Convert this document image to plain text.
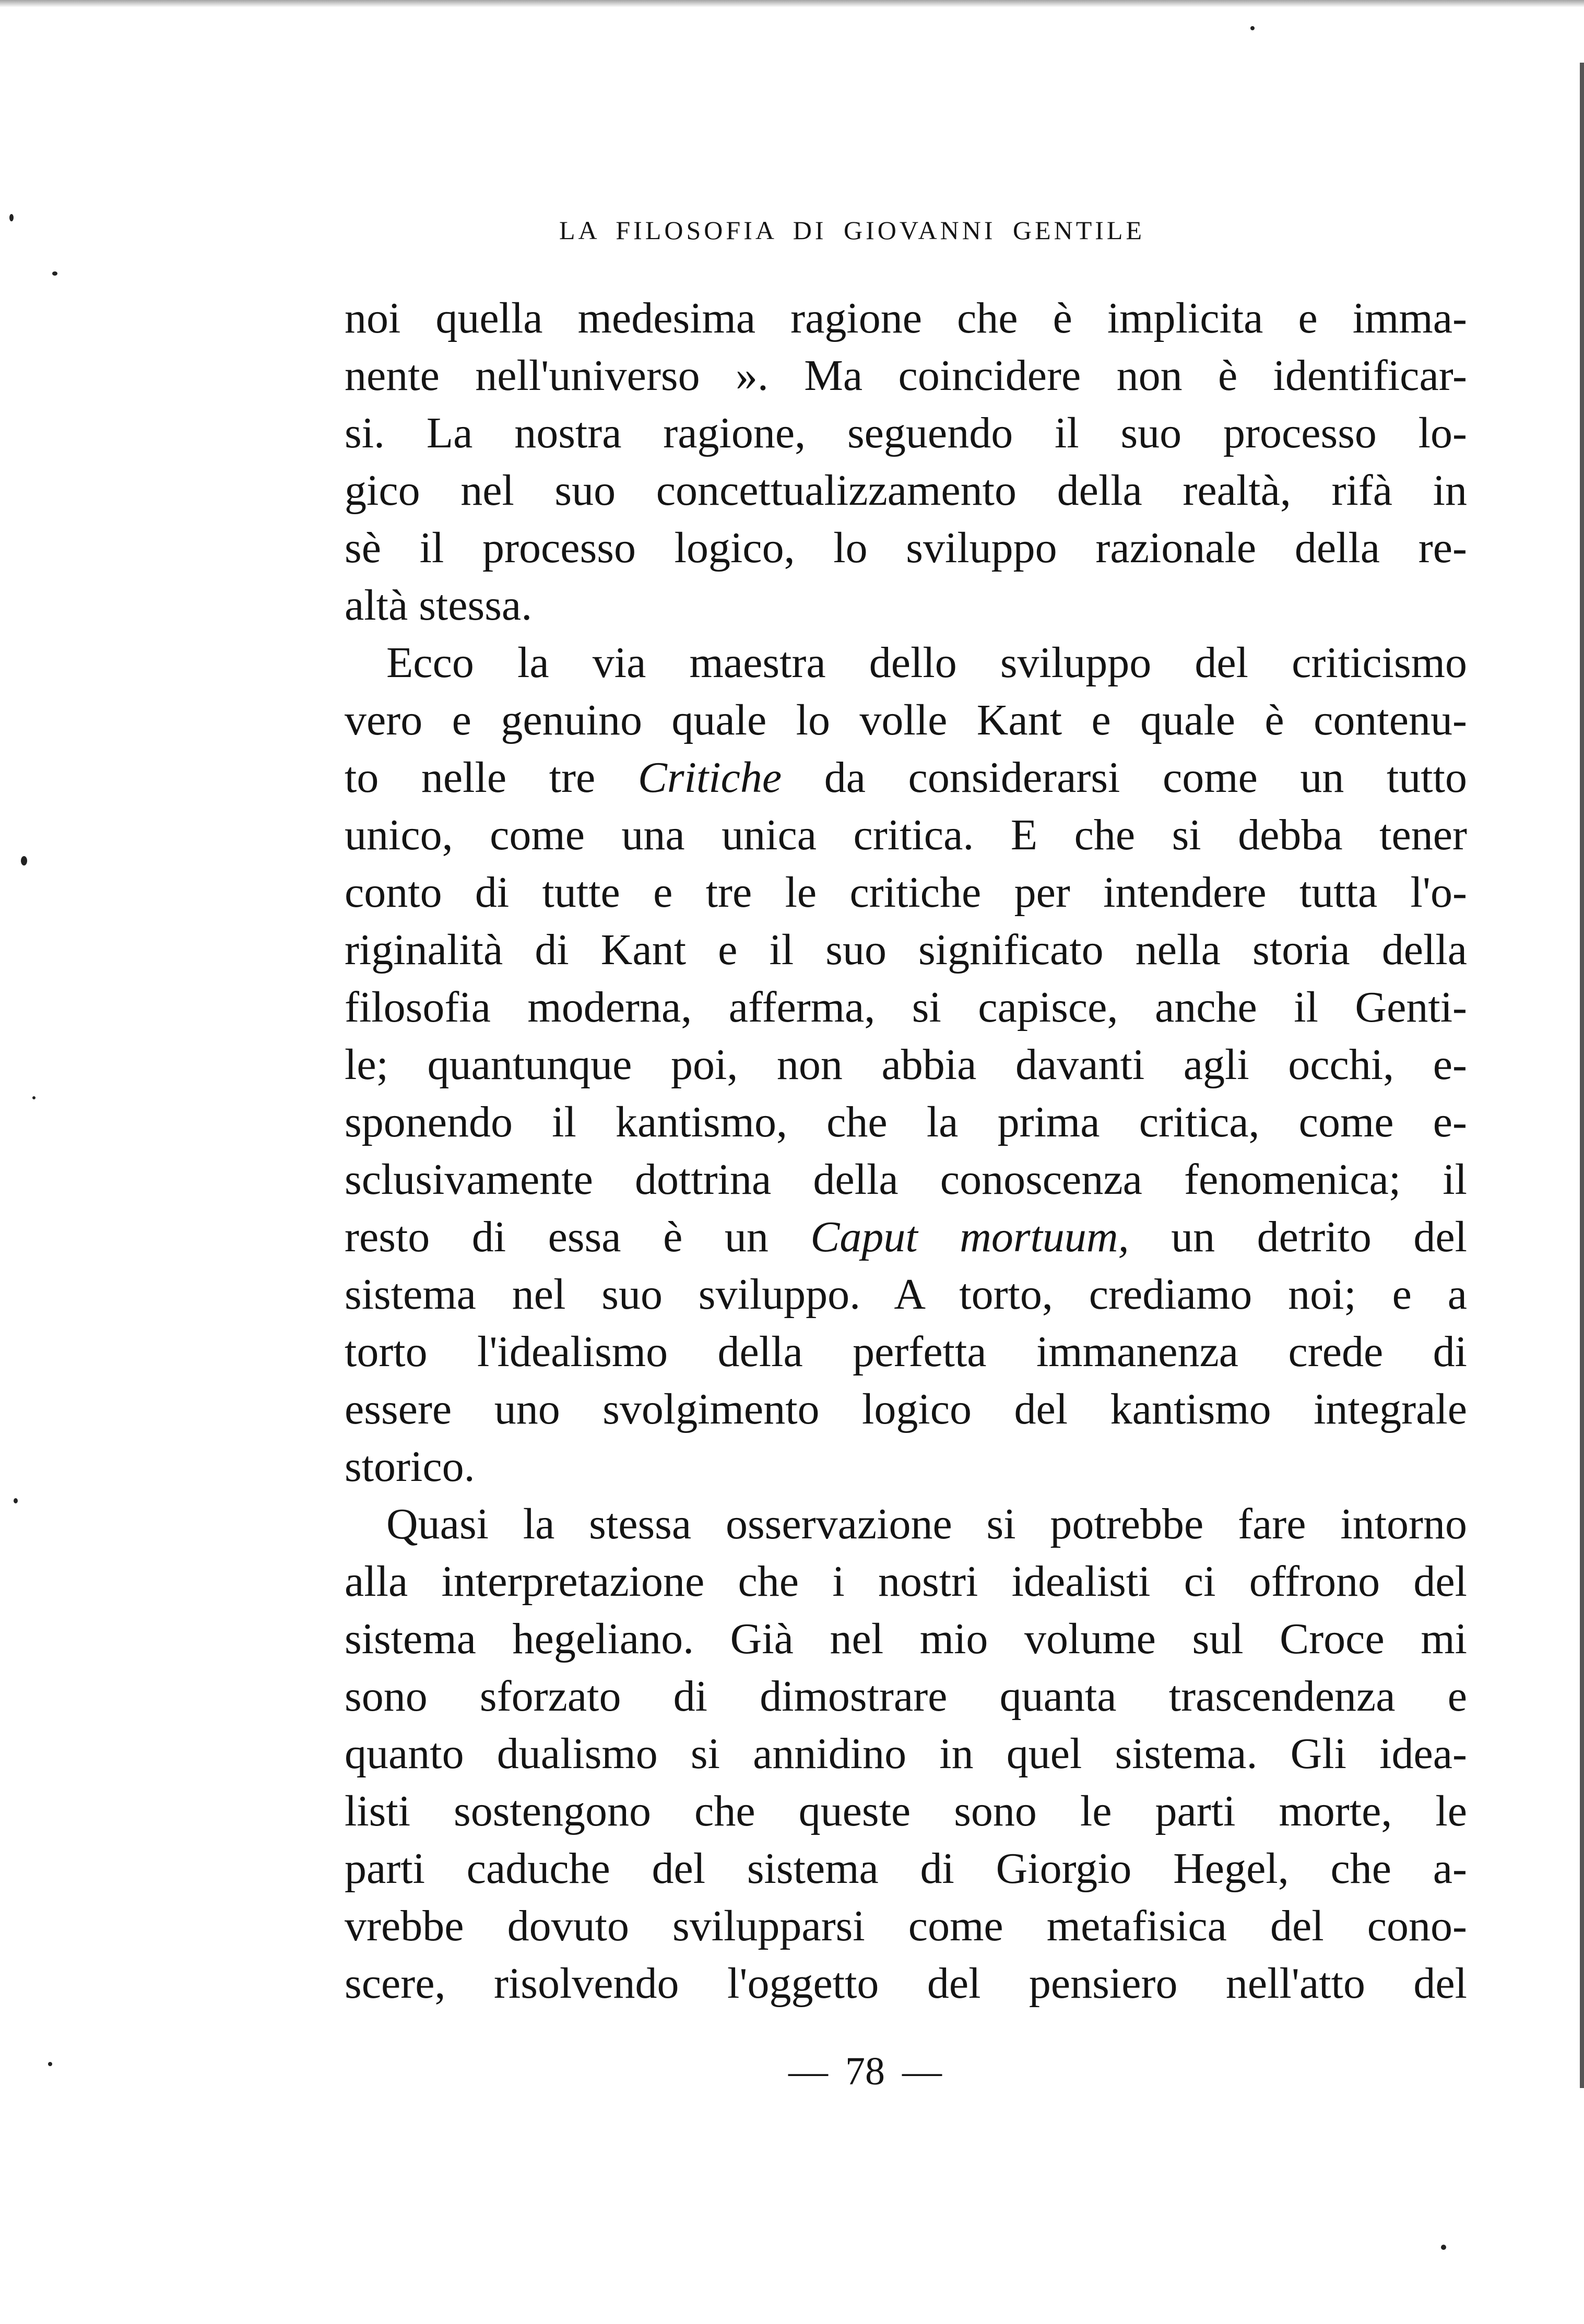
LA FILOSOFIA DI GIOVANNI GENTILE
noi quella medesima ragione che è implicita e imma-
nente nell'universo ». Ma coincidere non è identificar-
si. La nostra ragione, seguendo il suo processo lo-
gico nel suo concettualizzamento della realtà, rifà in
sè il processo logico, lo sviluppo razionale della re-
altà stessa.
Ecco la via maestra dello sviluppo del criticismo
vero e genuino quale lo volle Kant e quale è contenu-
to nelle tre Critiche da considerarsi come un tutto
unico, come una unica critica. E che si debba tener
conto di tutte e tre le critiche per intendere tutta l'o-
riginalità di Kant e il suo significato nella storia della
filosofia moderna, afferma, si capisce, anche il Genti-
le; quantunque poi, non abbia davanti agli occhi, e-
sponendo il kantismo, che la prima critica, come e-
sclusivamente dottrina della conoscenza fenomenica; il
resto di essa è un Caput mortuum, un detrito del
sistema nel suo sviluppo. A torto, crediamo noi; e a
torto l'idealismo della perfetta immanenza crede di
essere uno svolgimento logico del kantismo integrale
storico.
Quasi la stessa osservazione si potrebbe fare intorno
alla interpretazione che i nostri idealisti ci offrono del
sistema hegeliano. Già nel mio volume sul Croce mi
sono sforzato di dimostrare quanta trascendenza e
quanto dualismo si annidino in quel sistema. Gli idea-
listi sostengono che queste sono le parti morte, le
parti caduche del sistema di Giorgio Hegel, che a-
vrebbe dovuto svilupparsi come metafisica del cono-
scere, risolvendo l'oggetto del pensiero nell'atto del
— 78 —
